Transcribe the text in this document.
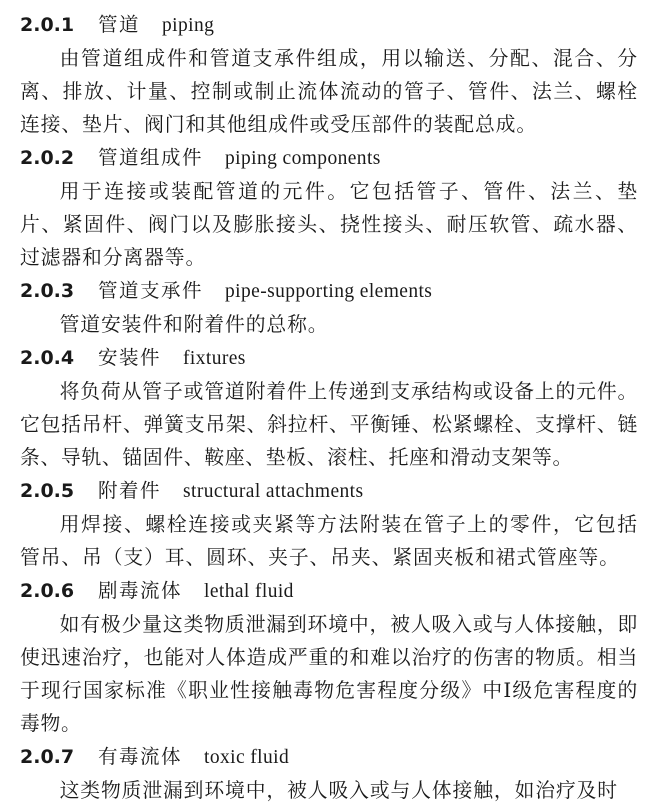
2.0.1	管道 piping

由管道组成件和管道支承件组成，用以输送、分配、混合、分离、排放、计量、控制或制止流体流动的管子、管件、法兰、螺栓连接、垫片、阀门和其他组成件或受压部件的装配总成。

2.0.2	管道组成件 piping components

用于连接或装配管道的元件。它包括管子、管件、法兰、垫片、紧固件、阀门以及膨胀接头、挠性接头、耐压软管、疏水器、过滤器和分离器等。

2.0.3	管道支承件 pipe-supporting elements

管道安装件和附着件的总称。

2.0.4	安装件 fixtures

将负荷从管子或管道附着件上传递到支承结构或设备上的元件。它包括吊杆、弹簧支吊架、斜拉杆、平衡锤、松紧螺栓、支撑杆、链条、导轨、锚固件、鞍座、垫板、滚柱、托座和滑动支架等。

2.0.5	附着件 structural attachments

用焊接、螺栓连接或夹紧等方法附装在管子上的零件，它包括管吊、吊（支）耳、圆环、夹子、吊夹、紧固夹板和裙式管座等。

2.0.6	剧毒流体 lethal fluid

如有极少量这类物质泄漏到环境中，被人吸入或与人体接触，即使迅速治疗，也能对人体造成严重的和难以治疗的伤害的物质。相当于现行国家标准《职业性接触毒物危害程度分级》中Ⅰ级危害程度的毒物。

2.0.7	有毒流体 toxic fluid

这类物质泄漏到环境中，被人吸入或与人体接触，如治疗及时
